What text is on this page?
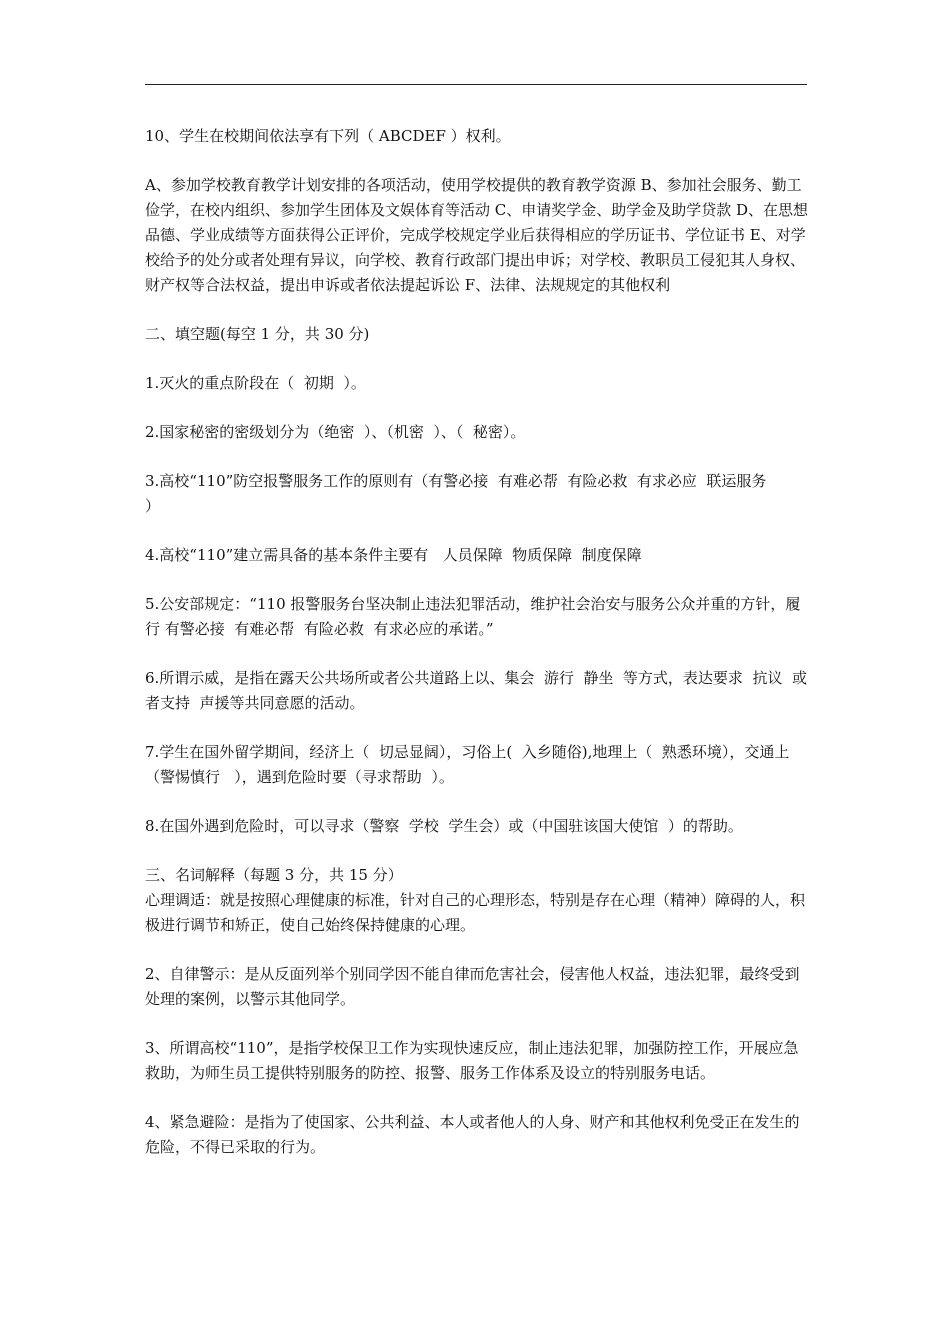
10、学生在校期间依法享有下列（ ABCDEF ）权利。

A、参加学校教育教学计划安排的各项活动，使用学校提供的教育教学资源 B、参加社会服务、勤工俭学，在校内组织、参加学生团体及文娱体育等活动 C、申请奖学金、助学金及助学贷款 D、在思想品德、学业成绩等方面获得公正评价，完成学校规定学业后获得相应的学历证书、学位证书 E、对学校给予的处分或者处理有异议，向学校、教育行政部门提出申诉；对学校、教职员工侵犯其人身权、财产权等合法权益，提出申诉或者依法提起诉讼 F、法律、法规规定的其他权利

二、填空题(每空 1 分，共 30 分)

1.灭火的重点阶段在（  初期  ）。

2.国家秘密的密级划分为（绝密  ）、（机密  ）、（  秘密）。

3.高校“110”防空报警服务工作的原则有（有警必接  有难必帮  有险必救  有求必应  联运服务
）

4.高校“110”建立需具备的基本条件主要有   人员保障  物质保障  制度保障

5.公安部规定：“110 报警服务台坚决制止违法犯罪活动，维护社会治安与服务公众并重的方针，履行 有警必接  有难必帮  有险必救  有求必应的承诺。”

6.所谓示威，是指在露天公共场所或者公共道路上以、集会  游行  静坐  等方式，表达要求  抗议  或者支持  声援等共同意愿的活动。

7.学生在国外留学期间，经济上（  切忌显阔），习俗上(  入乡随俗),地理上（  熟悉环境），交通上（警惕慎行   ），遇到危险时要（寻求帮助  ）。

8.在国外遇到危险时，可以寻求（警察  学校  学生会）或（中国驻该国大使馆  ）的帮助。

三、名词解释（每题 3 分，共 15 分）

心理调适：就是按照心理健康的标准，针对自己的心理形态，特别是存在心理（精神）障碍的人，积极进行调节和矫正，使自己始终保持健康的心理。

2、自律警示：是从反面列举个别同学因不能自律而危害社会，侵害他人权益，违法犯罪，最终受到处理的案例，以警示其他同学。

3、所谓高校“110”，是指学校保卫工作为实现快速反应，制止违法犯罪，加强防控工作，开展应急救助，为师生员工提供特别服务的防控、报警、服务工作体系及设立的特别服务电话。

4、紧急避险：是指为了使国家、公共利益、本人或者他人的人身、财产和其他权利免受正在发生的危险，不得已采取的行为。
